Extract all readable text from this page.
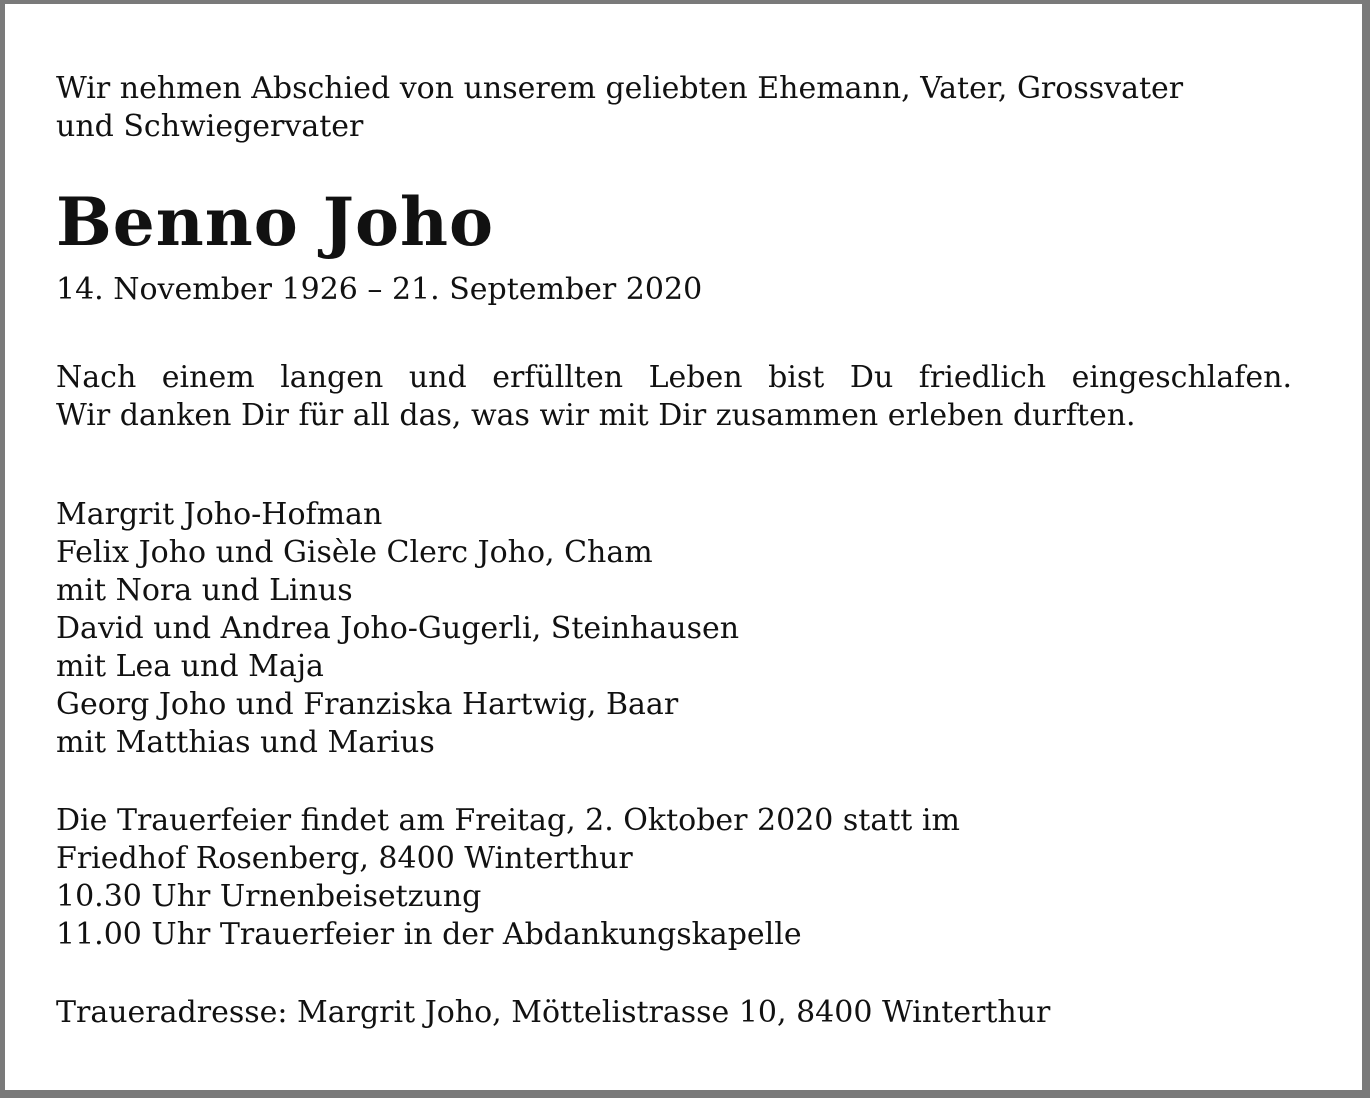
Wir nehmen Abschied von unserem geliebten Ehemann, Vater, Grossvater
und Schwiegervater
Benno Joho
14. November 1926 – 21. September 2020
Nach einem langen und erfüllten Leben bist Du friedlich eingeschlafen.
Wir danken Dir für all das, was wir mit Dir zusammen erleben durften.
Margrit Joho-Hofman
Felix Joho und Gisèle Clerc Joho, Cham
mit Nora und Linus
David und Andrea Joho-Gugerli, Steinhausen
mit Lea und Maja
Georg Joho und Franziska Hartwig, Baar
mit Matthias und Marius
Die Trauerfeier findet am Freitag, 2. Oktober 2020 statt im
Friedhof Rosenberg, 8400 Winterthur
10.30 Uhr Urnenbeisetzung
11.00 Uhr Trauerfeier in der Abdankungskapelle
Traueradresse: Margrit Joho, Möttelistrasse 10, 8400 Winterthur
